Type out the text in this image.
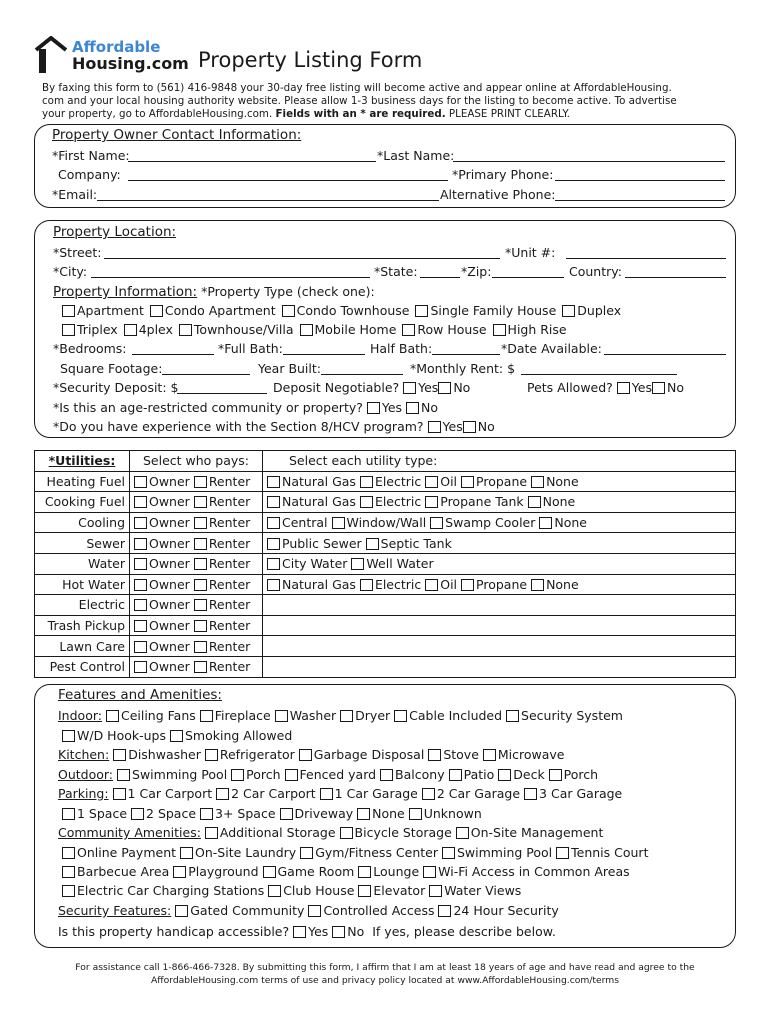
Affordable
Housing.com Property Listing Form
By faxing this form to (561) 416-9848 your 30-day free listing will become active and appear online at AffordableHousing.
com and your local housing authority website. Please allow 1-3 business days for the listing to become active. To advertise
your property, go to AffordableHousing.com. Fields with an * are required. PLEASE PRINT CLEARLY.
Property Owner Contact Information:
*First Name:	*Last Name:
Company:	*Primary Phone:
*Email:	Alternative Phone:
Property Location:
*Street:	*Unit #:
*City:	*State:	*Zip:	Country:
Property Information: *Property Type (check one):
Apartment Condo Apartment Condo Townhouse Single Family House Duplex
Triplex 4plex Townhouse/Villa Mobile Home Row House High Rise
*Bedrooms:	*Full Bath:	Half Bath:	*Date Available:
Square Footage:	Year Built:	*Monthly Rent: $
*Security Deposit: $	Deposit Negotiable? Yes No	Pets Allowed? Yes No
*Is this an age-restricted community or property? Yes No
*Do you have experience with the Section 8/HCV program? Yes No
*Utilities:	Select who pays:	Select each utility type:
Heating Fuel	Owner Renter	Natural Gas Electric Oil Propane None
Cooking Fuel	Owner Renter	Natural Gas Electric Propane Tank None
Cooling	Owner Renter	Central Window/Wall Swamp Cooler None
Sewer	Owner Renter	Public Sewer Septic Tank
Water	Owner Renter	City Water Well Water
Hot Water	Owner Renter	Natural Gas Electric Oil Propane None
Electric	Owner Renter	
Trash Pickup	Owner Renter	
Lawn Care	Owner Renter	
Pest Control	Owner Renter	
Features and Amenities:
Indoor: Ceiling Fans Fireplace Washer Dryer Cable Included Security System
W/D Hook-ups Smoking Allowed
Kitchen: Dishwasher Refrigerator Garbage Disposal Stove Microwave
Outdoor: Swimming Pool Porch Fenced yard Balcony Patio Deck Porch
Parking: 1 Car Carport 2 Car Carport 1 Car Garage 2 Car Garage 3 Car Garage
1 Space 2 Space 3+ Space Driveway None Unknown
Community Amenities: Additional Storage Bicycle Storage On-Site Management
Online Payment On-Site Laundry Gym/Fitness Center Swimming Pool Tennis Court
Barbecue Area Playground Game Room Lounge Wi-Fi Access in Common Areas
Electric Car Charging Stations Club House Elevator Water Views
Security Features: Gated Community Controlled Access 24 Hour Security
Is this property handicap accessible? Yes No If yes, please describe below.
For assistance call 1-866-466-7328. By submitting this form, I affirm that I am at least 18 years of age and have read and agree to the
AffordableHousing.com terms of use and privacy policy located at www.AffordableHousing.com/terms
